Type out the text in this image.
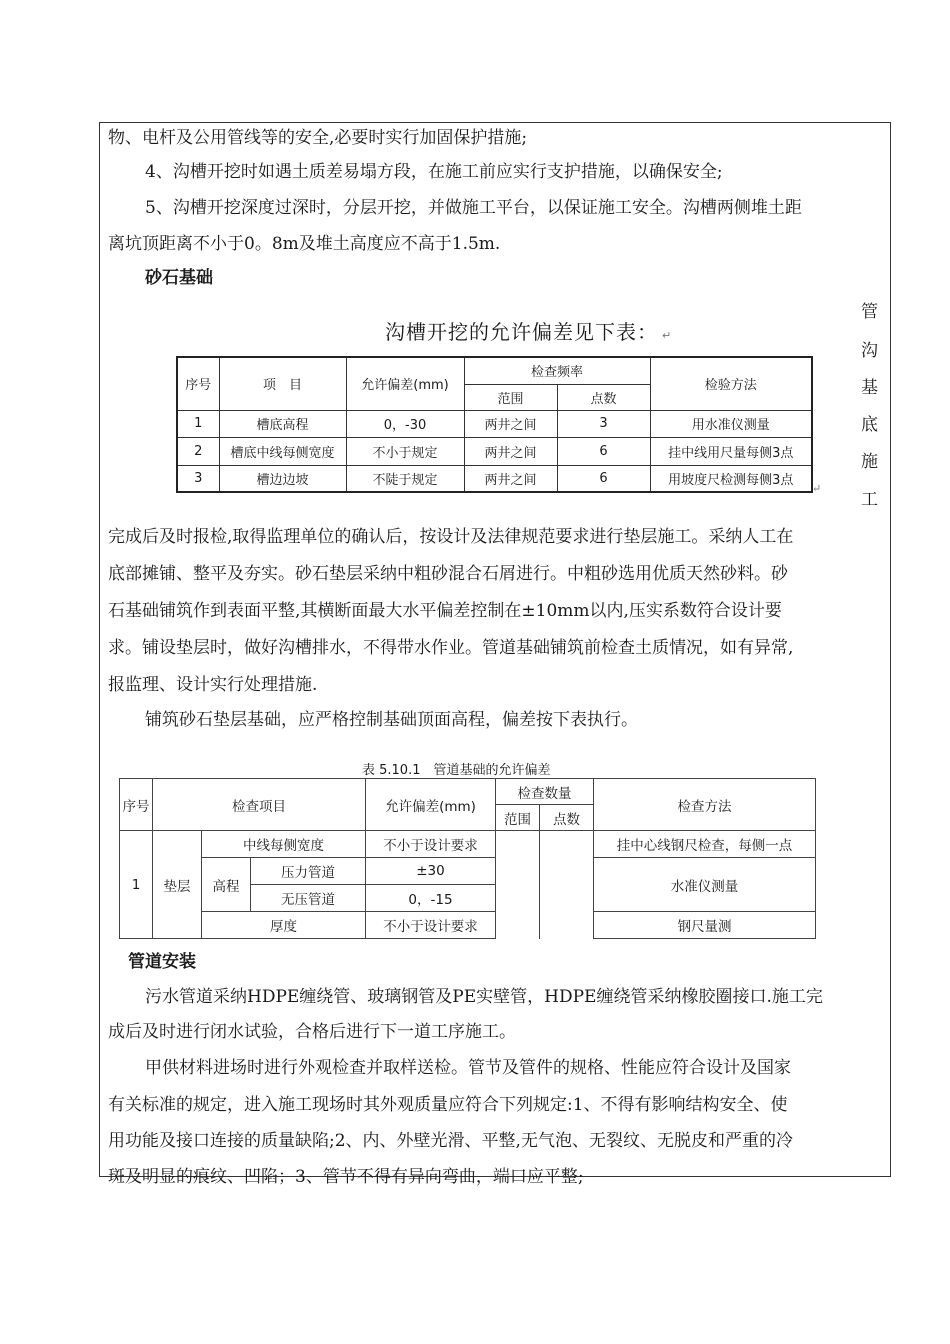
物、电杆及公用管线等的安全,必要时实行加固保护措施;
4、沟槽开挖时如遇土质差易塌方段，在施工前应实行支护措施，以确保安全;
5、沟槽开挖深度过深时，分层开挖，并做施工平台，以保证施工安全。沟槽两侧堆土距
离坑顶距离不小于0。8m及堆土高度应不高于1.5m.
砂石基础
管
沟
基
底
施
工
沟槽开挖的允许偏差见下表： ↵
序号	项　目	允许偏差(mm)	检查频率		检验方法
			范围	点数	
1	槽底高程	0，-30	两井之间	3	用水准仪测量
2	槽底中线每侧宽度	不小于规定	两井之间	6	挂中线用尺量每侧3点
3	槽边边坡	不陡于规定	两井之间	6	用坡度尺检测每侧3点
↵
完成后及时报检,取得监理单位的确认后，按设计及法律规范要求进行垫层施工。采纳人工在
底部摊铺、整平及夯实。砂石垫层采纳中粗砂混合石屑进行。中粗砂选用优质天然砂料。砂
石基础铺筑作到表面平整,其横断面最大水平偏差控制在±10mm以内,压实系数符合设计要
求。铺设垫层时，做好沟槽排水，不得带水作业。管道基础铺筑前检查土质情况，如有异常,
报监理、设计实行处理措施.
铺筑砂石垫层基础，应严格控制基础顶面高程，偏差按下表执行。
表 5.10.1　管道基础的允许偏差
序号	检查项目			允许偏差(mm)	检查数量		检查方法
					范围	点数	
1	垫层	中线每侧宽度		不小于设计要求			挂中心线钢尺检查，每侧一点
		高程	压力管道	±30			水准仪测量
			无压管道	0，-15			
		厚度		不小于设计要求			钢尺量测
管道安装
污水管道采纳HDPE缠绕管、玻璃钢管及PE实壁管，HDPE缠绕管采纳橡胶圈接口.施工完
成后及时进行闭水试验，合格后进行下一道工序施工。
甲供材料进场时进行外观检查并取样送检。管节及管件的规格、性能应符合设计及国家
有关标准的规定，进入施工现场时其外观质量应符合下列规定:1、不得有影响结构安全、使
用功能及接口连接的质量缺陷;2、内、外壁光滑、平整,无气泡、无裂纹、无脱皮和严重的冷
斑及明显的痕纹、凹陷；3、管节不得有异向弯曲，端口应平整;
